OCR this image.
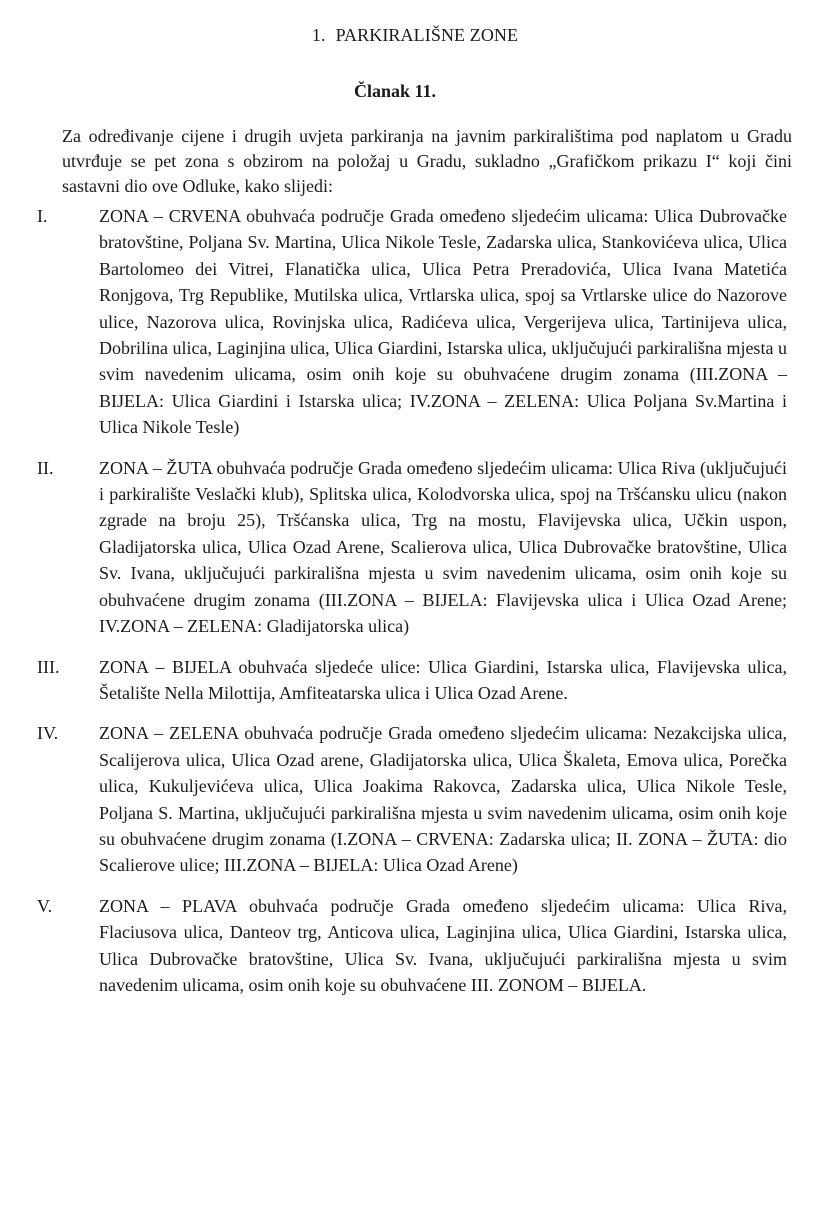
1. PARKIRALIŠNE ZONE
Članak 11.

Za određivanje cijene i drugih uvjeta parkiranja na javnim parkiralištima pod naplatom u Gradu utvrđuje se pet zona s obzirom na položaj u Gradu, sukladno „Grafičkom prikazu I“ koji čini sastavni dio ove Odluke, kako slijedi:

I.	ZONA – CRVENA obuhvaća područje Grada omeđeno sljedećim ulicama: Ulica Dubrovačke bratovštine, Poljana Sv. Martina, Ulica Nikole Tesle, Zadarska ulica, Stankovićeva ulica, Ulica Bartolomeo dei Vitrei, Flanatička ulica, Ulica Petra Preradovića, Ulica Ivana Matetića Ronjgova, Trg Republike, Mutilska ulica, Vrtlarska ulica, spoj sa Vrtlarske ulice do Nazorove ulice, Nazorova ulica, Rovinjska ulica, Radićeva ulica, Vergerijeva ulica, Tartinijeva ulica, Dobrilina ulica, Laginjina ulica, Ulica Giardini, Istarska ulica, uključujući parkirališna mjesta u svim navedenim ulicama, osim onih koje su obuhvaćene drugim zonama (III.ZONA – BIJELA: Ulica Giardini i Istarska ulica; IV.ZONA – ZELENA: Ulica Poljana Sv.Martina i Ulica Nikole Tesle)
II.	ZONA – ŽUTA obuhvaća područje Grada omeđeno sljedećim ulicama: Ulica Riva (uključujući i parkiralište Veslački klub), Splitska ulica, Kolodvorska ulica, spoj na Tršćansku ulicu (nakon zgrade na broju 25), Tršćanska ulica, Trg na mostu, Flavijevska ulica, Učkin uspon, Gladijatorska ulica, Ulica Ozad Arene, Scalierova ulica, Ulica Dubrovačke bratovštine, Ulica Sv. Ivana, uključujući parkirališna mjesta u svim navedenim ulicama, osim onih koje su obuhvaćene drugim zonama (III.ZONA – BIJELA: Flavijevska ulica i Ulica Ozad Arene; IV.ZONA – ZELENA: Gladijatorska ulica)
III.	ZONA – BIJELA obuhvaća sljedeće ulice: Ulica Giardini, Istarska ulica, Flavijevska ulica, Šetalište Nella Milottija, Amfiteatarska ulica i Ulica Ozad Arene.
IV.	ZONA – ZELENA obuhvaća područje Grada omeđeno sljedećim ulicama: Nezakcijska ulica, Scalijerova ulica, Ulica Ozad arene, Gladijatorska ulica, Ulica Škaleta, Emova ulica, Porečka ulica, Kukuljevićeva ulica, Ulica Joakima Rakovca, Zadarska ulica, Ulica Nikole Tesle, Poljana S. Martina, uključujući parkirališna mjesta u svim navedenim ulicama, osim onih koje su obuhvaćene drugim zonama (I.ZONA – CRVENA: Zadarska ulica; II. ZONA – ŽUTA: dio Scalierove ulice; III.ZONA – BIJELA: Ulica Ozad Arene)
V.	ZONA – PLAVA obuhvaća područje Grada omeđeno sljedećim ulicama: Ulica Riva, Flaciusova ulica, Danteov trg, Anticova ulica, Laginjina ulica, Ulica Giardini, Istarska ulica, Ulica Dubrovačke bratovštine, Ulica Sv. Ivana, uključujući parkirališna mjesta u svim navedenim ulicama, osim onih koje su obuhvaćene III. ZONOM – BIJELA.
